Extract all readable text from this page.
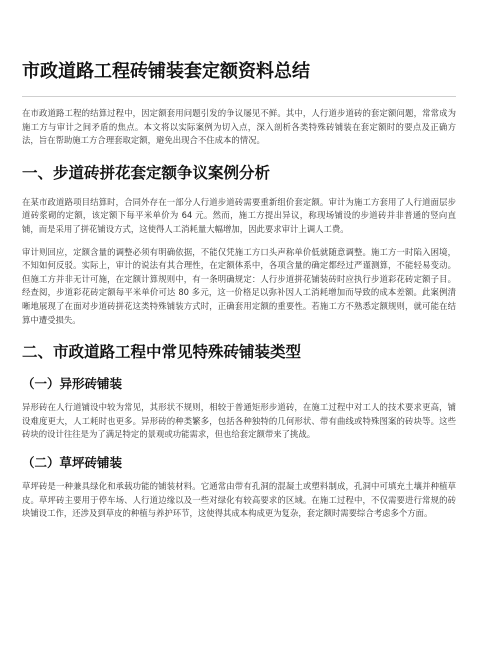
市政道路工程砖铺装套定额资料总结

在市政道路工程的结算过程中，因定额套用问题引发的争议屡见不鲜。其中，人行道步道砖的套定额问题，常常成为施工方与审计之间矛盾的焦点。本文将以实际案例为切入点，深入剖析各类特殊砖铺装在套定额时的要点及正确方法，旨在帮助施工方合理套取定额，避免出现合不住成本的情况。

一、步道砖拼花套定额争议案例分析

在某市政道路项目结算时，合同外存在一部分人行道步道砖需要重新组价套定额。审计为施工方套用了人行道面层步道砖浆砌的定额，该定额下每平米单价为 64 元。然而，施工方提出异议，称现场铺设的步道砖并非普通的竖向直铺，而是采用了拼花铺设方式，这使得人工消耗量大幅增加，因此要求审计上调人工费。

审计则回应，定额含量的调整必须有明确依据，不能仅凭施工方口头声称单价低就随意调整。施工方一时陷入困境，不知如何反驳。实际上，审计的说法有其合理性，在定额体系中，各项含量的确定都经过严谨测算，不能轻易变动。但施工方并非无计可施，在定额计算规则中，有一条明确规定：人行步道拼花铺装砖时应执行步道彩花砖定额子目。经查阅，步道彩花砖定额每平米单价可达 80 多元，这一价格足以弥补因人工消耗增加而导致的成本差额。此案例清晰地展现了在面对步道砖拼花这类特殊铺装方式时，正确套用定额的重要性。若施工方不熟悉定额规则，就可能在结算中遭受损失。

二、市政道路工程中常见特殊砖铺装类型
（一）异形砖铺装

异形砖在人行道铺设中较为常见，其形状不规则，相较于普通矩形步道砖，在施工过程中对工人的技术要求更高，铺设难度更大，人工耗时也更多。异形砖的种类繁多，包括各种独特的几何形状、带有曲线或特殊图案的砖块等。这些砖块的设计往往是为了满足特定的景观或功能需求，但也给套定额带来了挑战。

（二）草坪砖铺装

草坪砖是一种兼具绿化和承载功能的铺装材料。它通常由带有孔洞的混凝土或塑料制成，孔洞中可填充土壤并种植草皮。草坪砖主要用于停车场、人行道边缘以及一些对绿化有较高要求的区域。在施工过程中，不仅需要进行常规的砖块铺设工作，还涉及到草皮的种植与养护环节，这使得其成本构成更为复杂，套定额时需要综合考虑多个方面。
